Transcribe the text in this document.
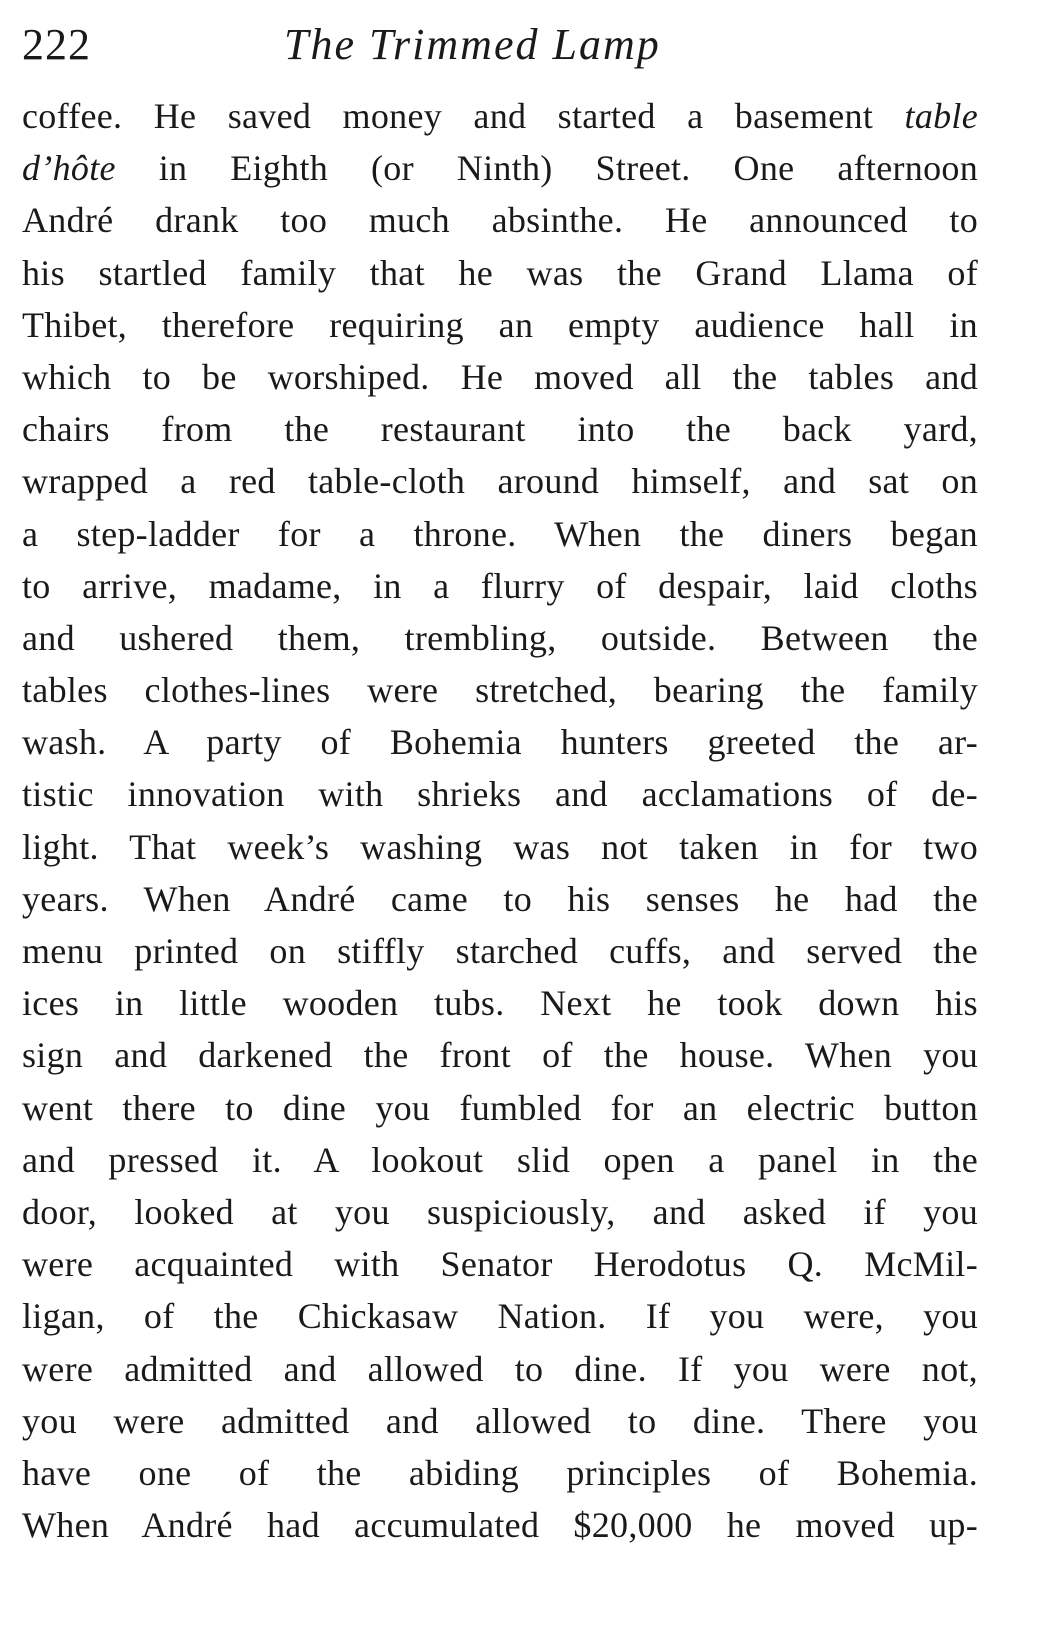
222	The Trimmed Lamp
coffee. He saved money and started a basement table
d’hôte in Eighth (or Ninth) Street. One afternoon
André drank too much absinthe. He announced to
his startled family that he was the Grand Llama of
Thibet, therefore requiring an empty audience hall in
which to be worshiped. He moved all the tables and
chairs from the restaurant into the back yard,
wrapped a red table-cloth around himself, and sat on
a step-ladder for a throne. When the diners began
to arrive, madame, in a flurry of despair, laid cloths
and ushered them, trembling, outside. Between the
tables clothes-lines were stretched, bearing the family
wash. A party of Bohemia hunters greeted the ar-
tistic innovation with shrieks and acclamations of de-
light. That week’s washing was not taken in for two
years. When André came to his senses he had the
menu printed on stiffly starched cuffs, and served the
ices in little wooden tubs. Next he took down his
sign and darkened the front of the house. When you
went there to dine you fumbled for an electric button
and pressed it. A lookout slid open a panel in the
door, looked at you suspiciously, and asked if you
were acquainted with Senator Herodotus Q. McMil-
ligan, of the Chickasaw Nation. If you were, you
were admitted and allowed to dine. If you were not,
you were admitted and allowed to dine. There you
have one of the abiding principles of Bohemia.
When André had accumulated $20,000 he moved up-
